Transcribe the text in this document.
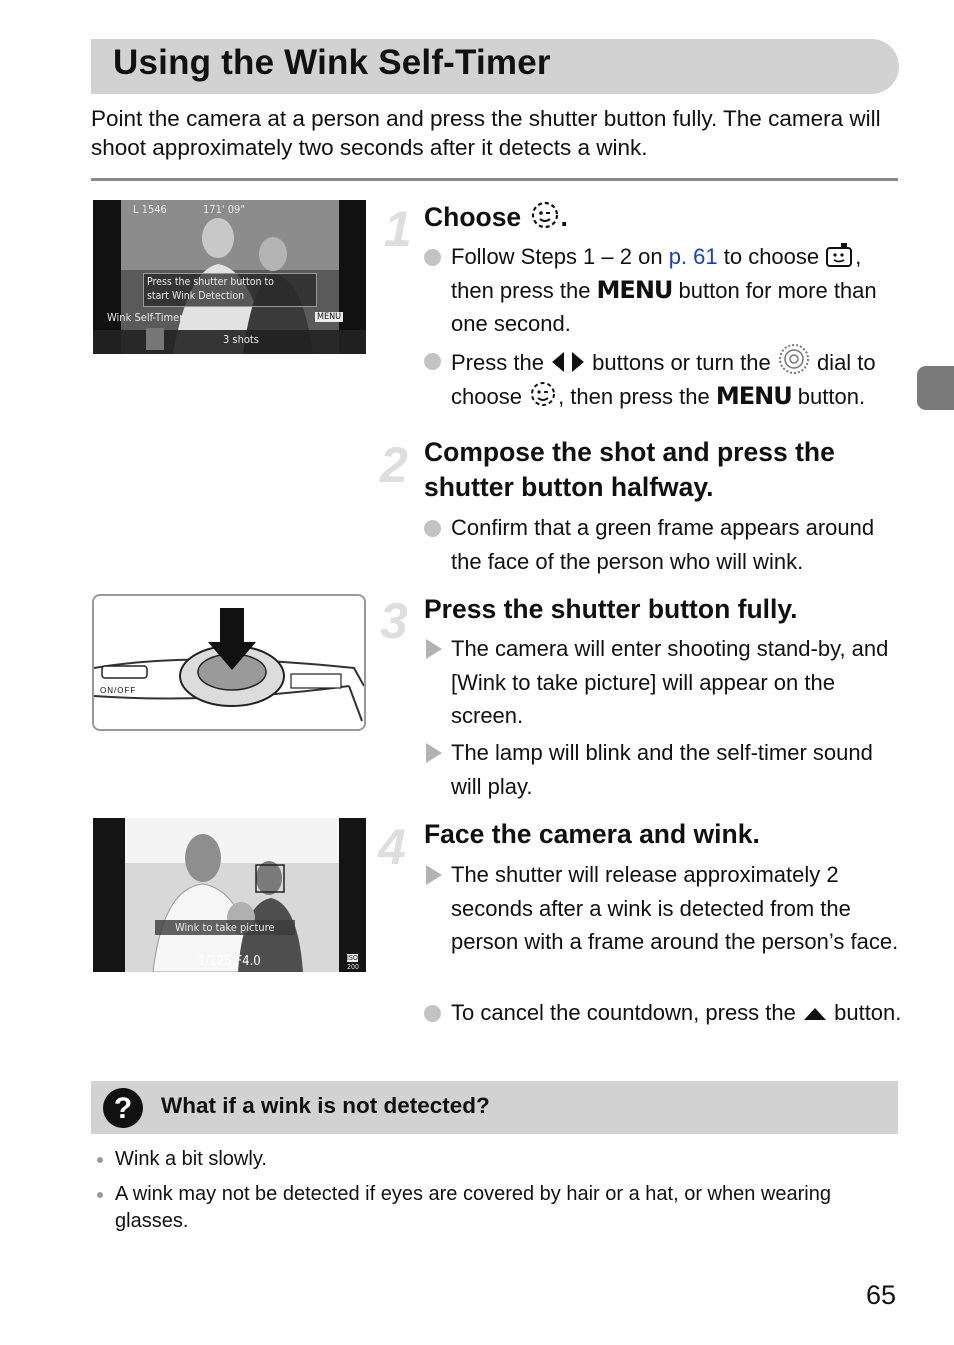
Using the Wink Self-Timer
Point the camera at a person and press the shutter button fully. The camera will shoot approximately two seconds after it detects a wink.
L 1546	171' 09"
Press the shutter button to
start Wink Detection
Wink Self-Timer	MENU
3 shots
ON/OFF
Wink to take picture
1/125 F4.0	ISO
200
1 Choose .
Follow Steps 1 – 2 on p. 61 to choose , then press the MENU button for more than one second.
Press the  buttons or turn the  dial to choose , then press the MENU button.
2 Compose the shot and press the shutter button halfway.
Confirm that a green frame appears around the face of the person who will wink.
3 Press the shutter button fully.
The camera will enter shooting stand-by, and [Wink to take picture] will appear on the screen.
The lamp will blink and the self-timer sound will play.
4 Face the camera and wink.
The shutter will release approximately 2 seconds after a wink is detected from the person with a frame around the person’s face.
To cancel the countdown, press the  button.
?	What if a wink is not detected?
Wink a bit slowly.
A wink may not be detected if eyes are covered by hair or a hat, or when wearing glasses.
65
